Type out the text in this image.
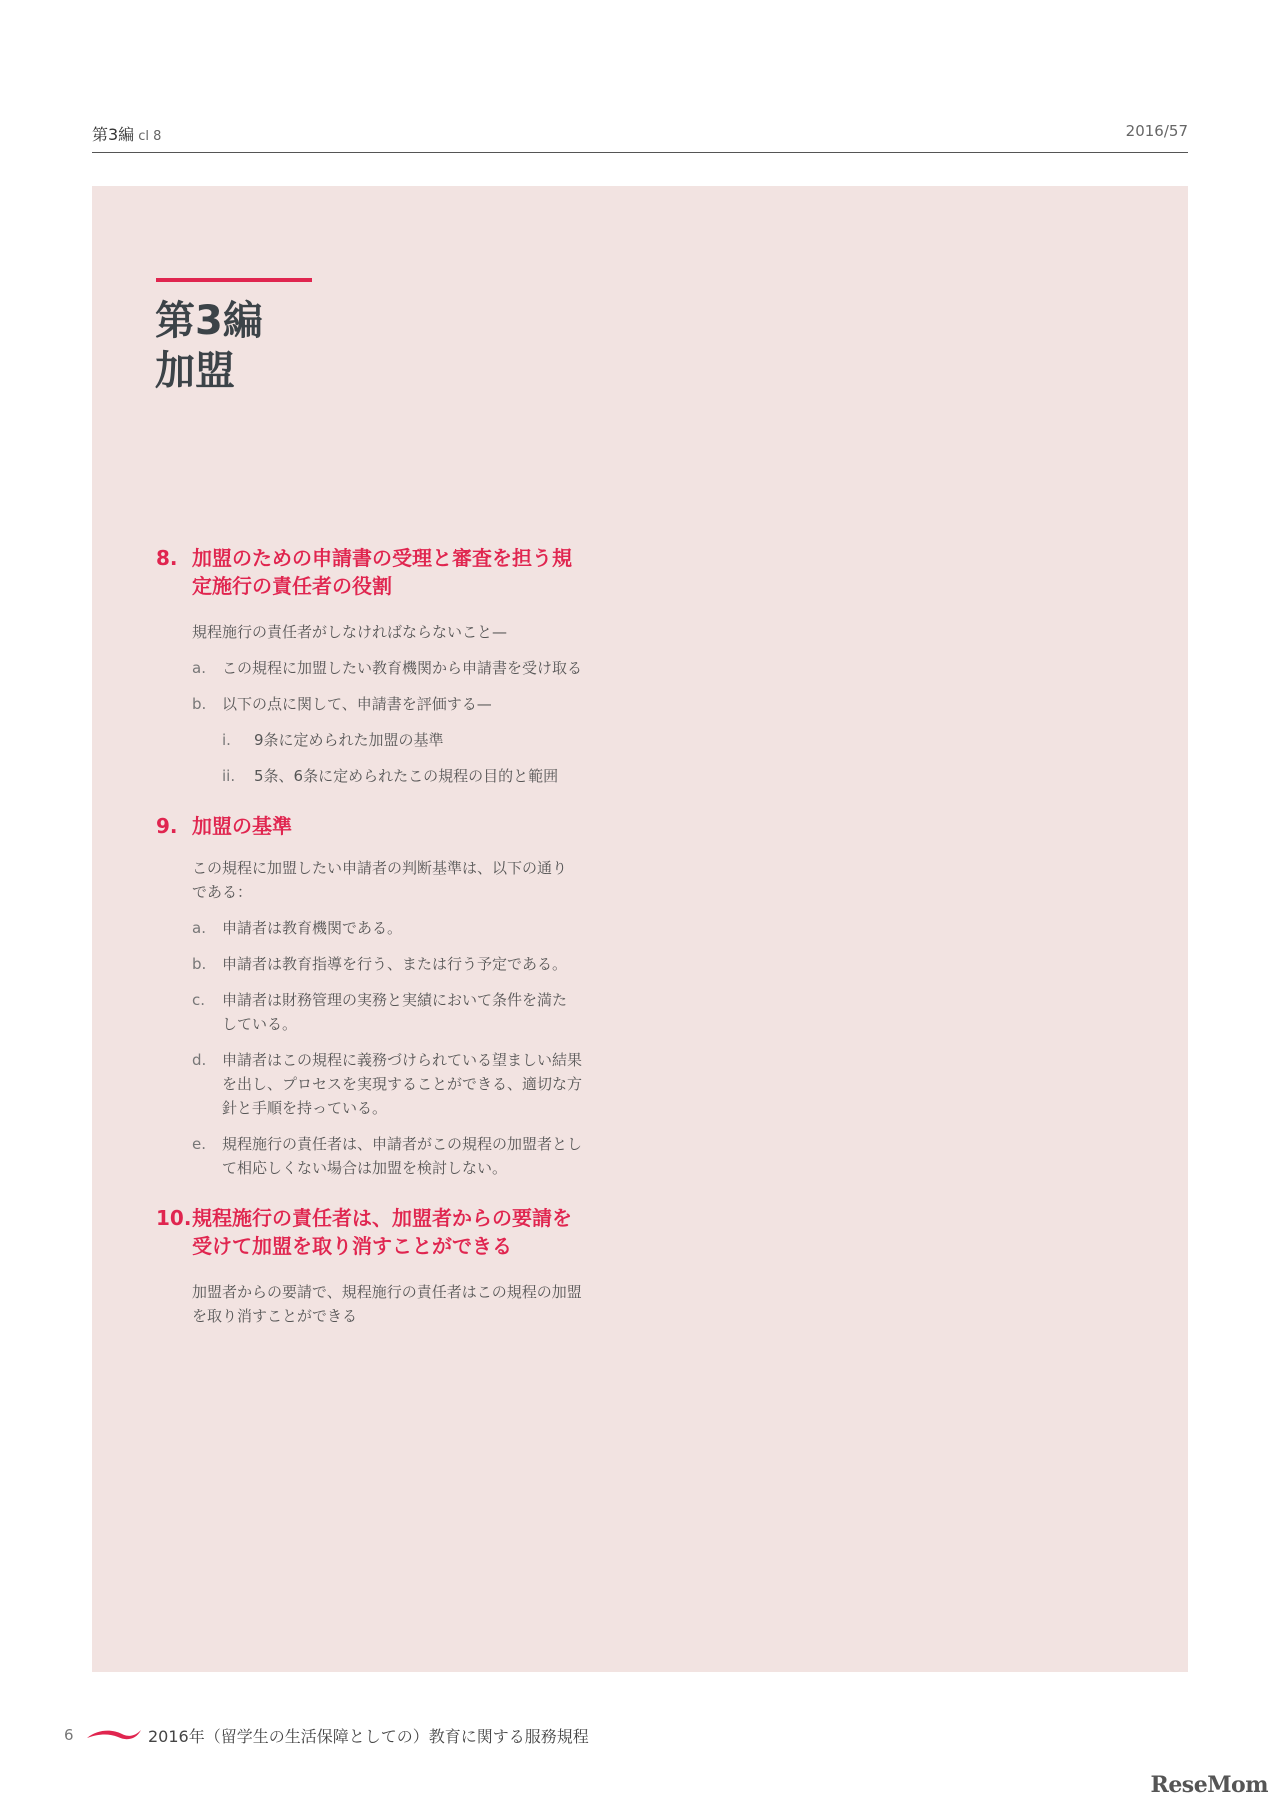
第3編 cl 8	2016/57
第3編
加盟
8. 加盟のための申請書の受理と審査を担う規
定施行の責任者の役割
規程施行の責任者がしなければならないこと—
a. この規程に加盟したい教育機関から申請書を受け取る
b. 以下の点に関して、申請書を評価する—
i. 9条に定められた加盟の基準
ii. 5条、6条に定められたこの規程の目的と範囲
9. 加盟の基準
この規程に加盟したい申請者の判断基準は、以下の通り
である：
a. 申請者は教育機関である。
b. 申請者は教育指導を行う、または行う予定である。
c. 申請者は財務管理の実務と実績において条件を満た
している。
d. 申請者はこの規程に義務づけられている望ましい結果
を出し、プロセスを実現することができる、適切な方
針と手順を持っている。
e. 規程施行の責任者は、申請者がこの規程の加盟者とし
て相応しくない場合は加盟を検討しない。
10. 規程施行の責任者は、加盟者からの要請を
受けて加盟を取り消すことができる
加盟者からの要請で、規程施行の責任者はこの規程の加盟
を取り消すことができる
6	2016年（留学生の生活保障としての）教育に関する服務規程
ReseMom
